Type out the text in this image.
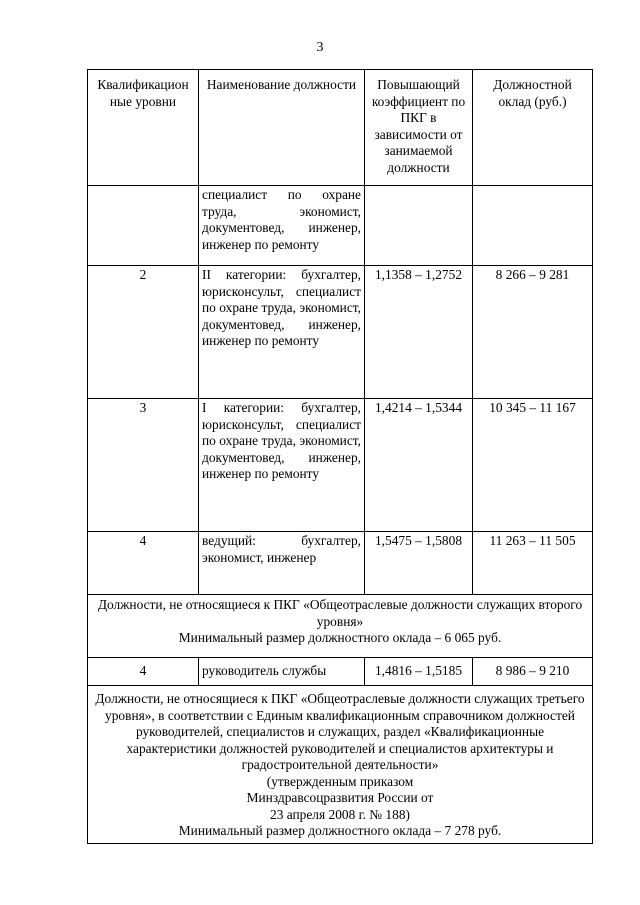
3
Квалификацион ные уровни	Наименование должности	Повышающий коэффициент по ПКГ в зависимости от занимаемой должности	Должностной оклад (руб.)
	специалист по охране труда, экономист, документовед, инженер, инженер по ремонту		
2	II категории: бухгалтер, юрисконсульт, специалист по охране труда, экономист, документовед, инженер, инженер по ремонту	1,1358 – 1,2752	8 266 – 9 281
3	I категории: бухгалтер, юрисконсульт, специалист по охране труда, экономист, документовед, инженер, инженер по ремонту	1,4214 – 1,5344	10 345 – 11 167
4	ведущий: бухгалтер, экономист, инженер	1,5475 – 1,5808	11 263 – 11 505

Должности, не относящиеся к ПКГ «Общеотраслевые должности служащих второго уровня»
Минимальный размер должностного оклада – 6 065 руб.			

4	руководитель службы	1,4816 – 1,5185	8 986 – 9 210

Должности, не относящиеся к ПКГ «Общеотраслевые должности служащих третьего уровня», в соответствии с Единым квалификационным справочником должностей руководителей, специалистов и служащих, раздел «Квалификационные характеристики должностей руководителей и специалистов архитектуры и градостроительной деятельности»
(утвержденным приказом Минздравсоцразвития России от 23 апреля 2008 г. № 188)
Минимальный размер должностного оклада – 7 278 руб.			
